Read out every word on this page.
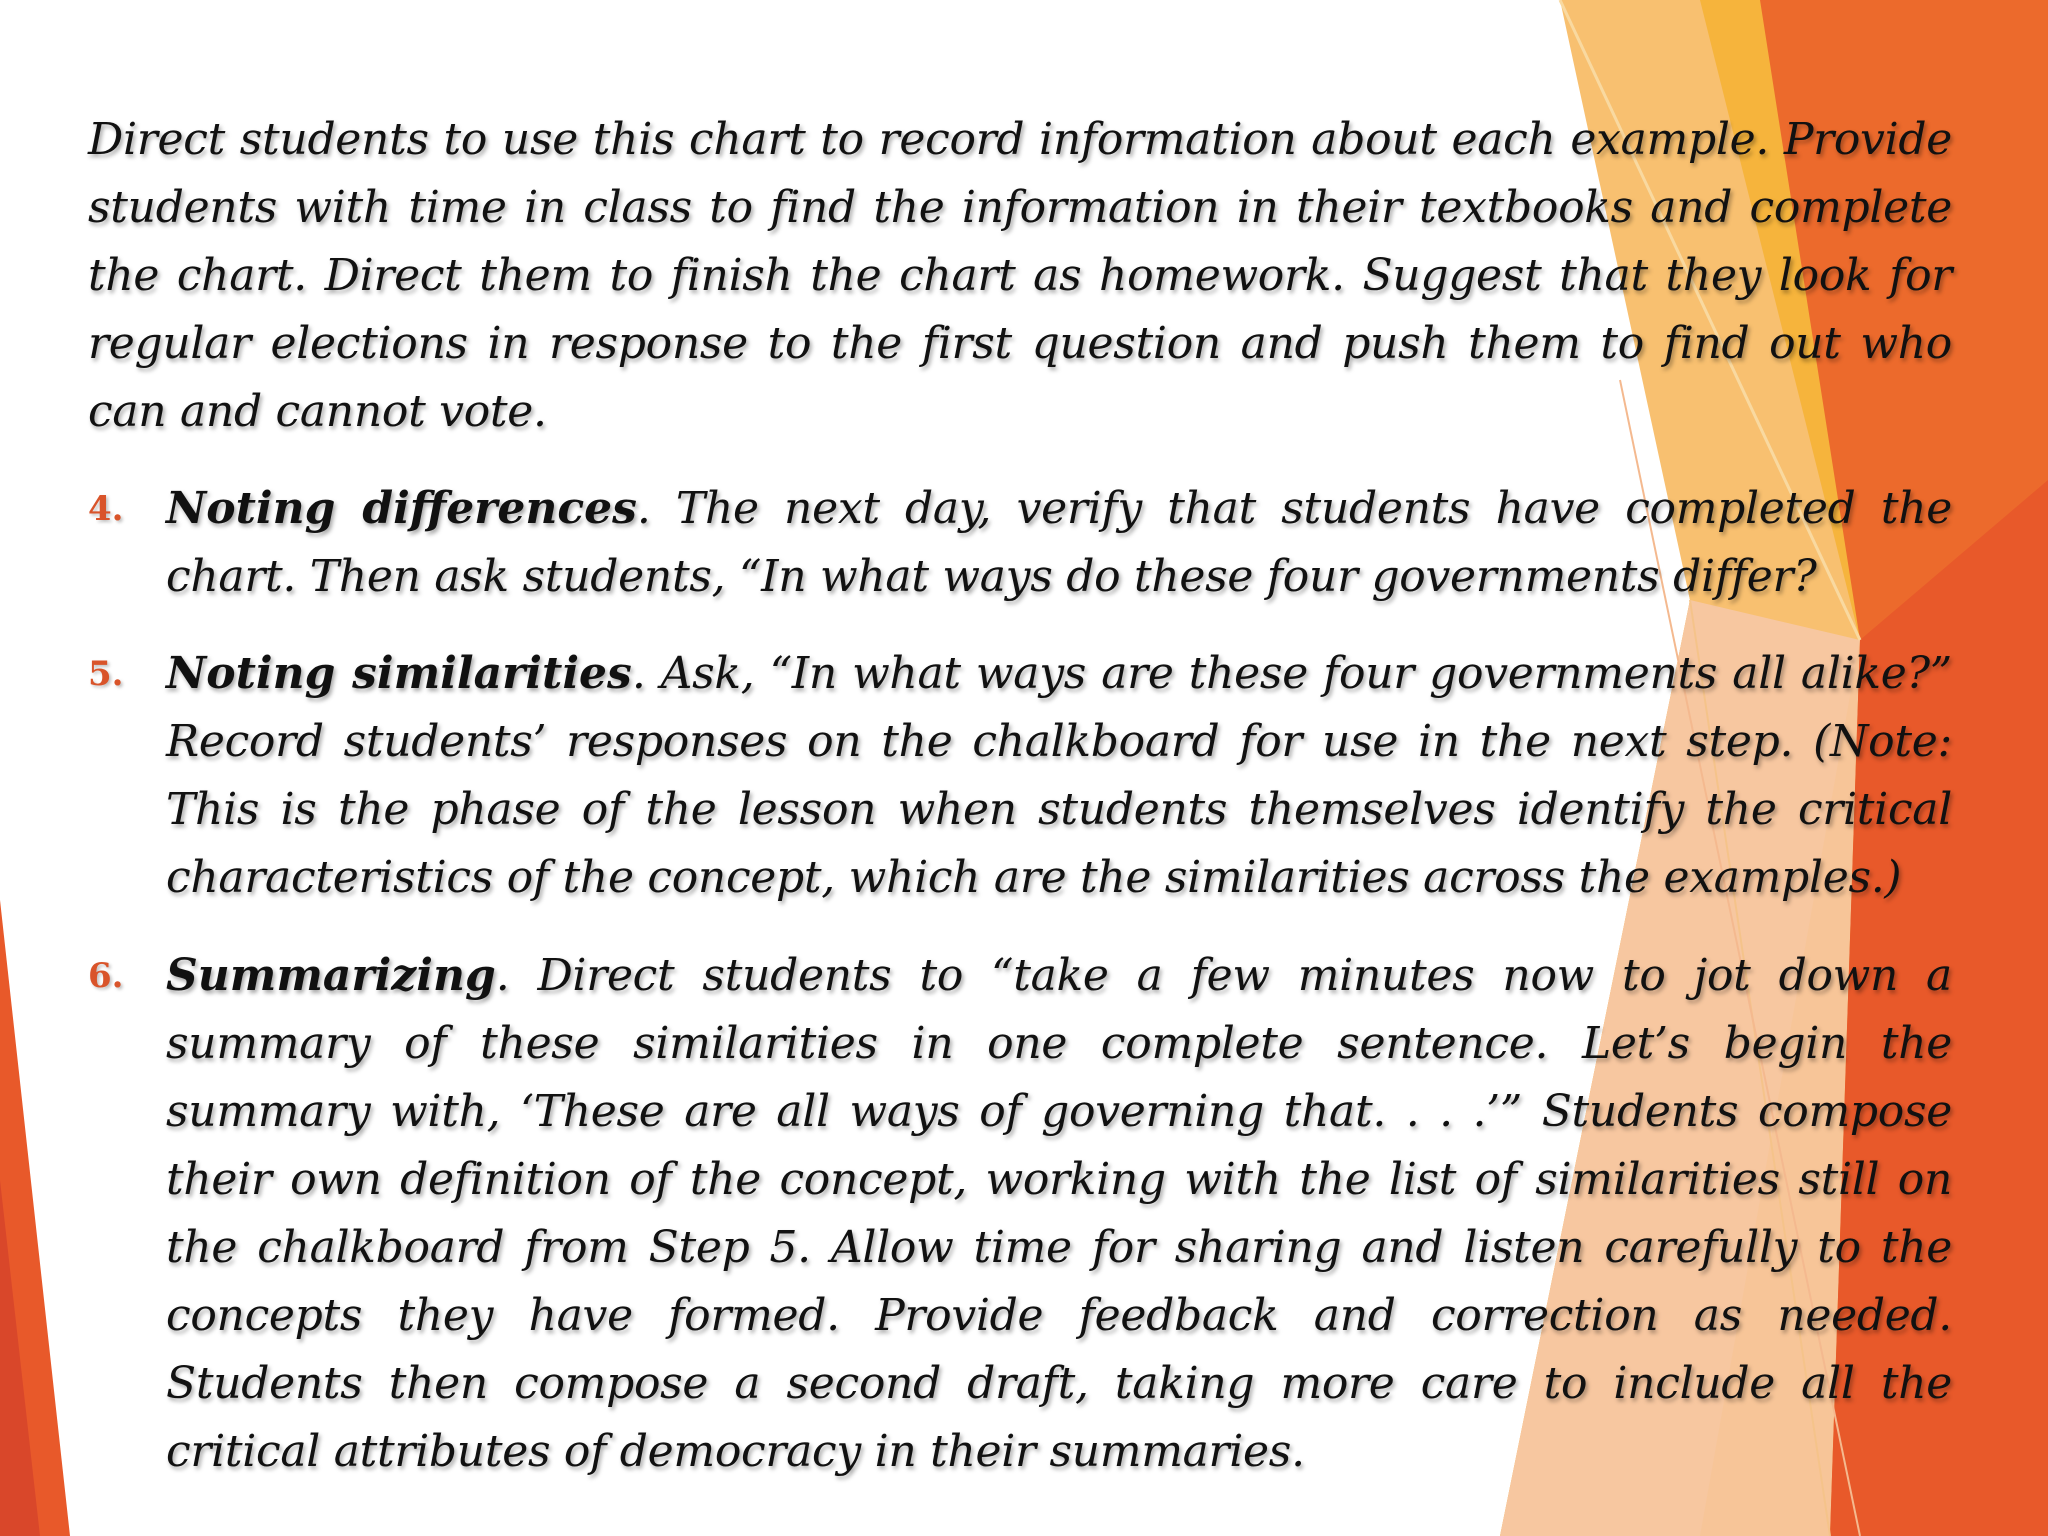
Direct students to use this chart to record information about each example. Provide students with time in class to find the information in their textbooks and complete the chart. Direct them to finish the chart as homework. Suggest that they look for regular elections in response to the first question and push them to find out who can and cannot vote.
4. Noting differences. The next day, verify that students have completed the chart. Then ask students, “In what ways do these four governments differ?
5. Noting similarities. Ask, “In what ways are these four governments all alike?” Record students’ responses on the chalkboard for use in the next step. (Note: This is the phase of the lesson when students themselves identify the critical characteristics of the concept, which are the similarities across the examples.)
6. Summarizing. Direct students to “take a few minutes now to jot down a summary of these similarities in one complete sentence. Let’s begin the summary with, ‘These are all ways of governing that. . . .’” Students compose their own definition of the concept, working with the list of similarities still on the chalkboard from Step 5. Allow time for sharing and listen carefully to the concepts they have formed. Provide feedback and correction as needed. Students then compose a second draft, taking more care to include all the critical attributes of democracy in their summaries.
